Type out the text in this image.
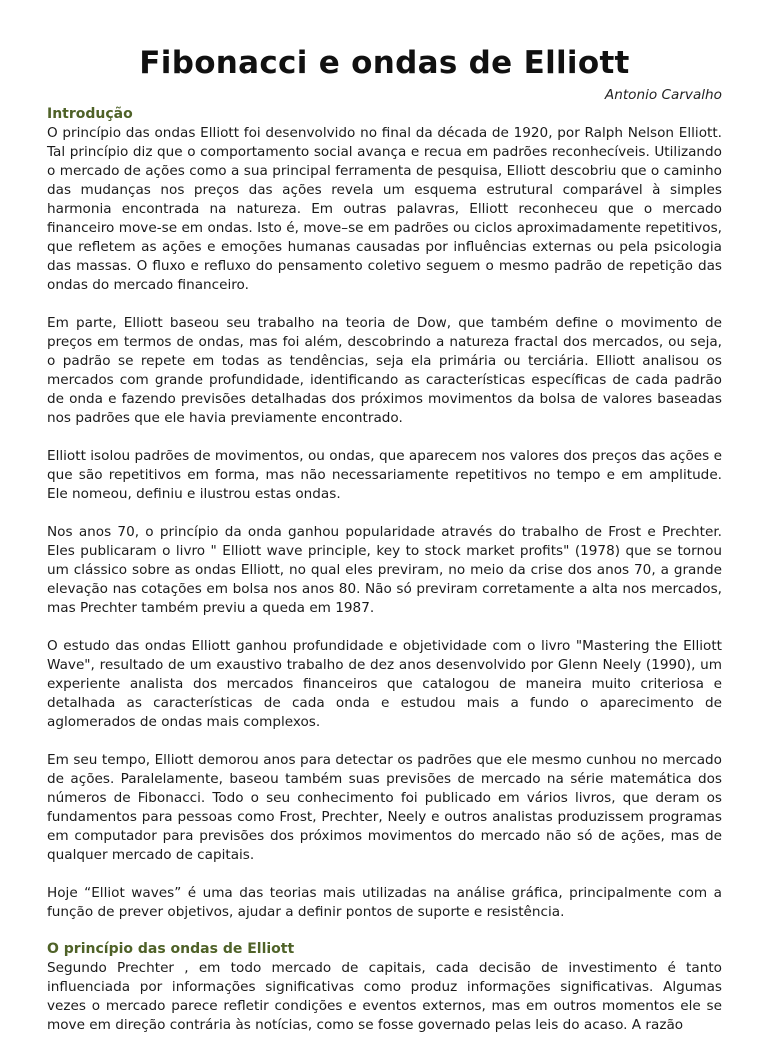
Fibonacci e ondas de Elliott
Antonio Carvalho
Introdução

O princípio das ondas Elliott foi desenvolvido no final da década de 1920, por Ralph Nelson Elliott. Tal princípio diz que o comportamento social avança e recua em padrões reconhecíveis. Utilizando o mercado de ações como a sua principal ferramenta de pesquisa, Elliott descobriu que o caminho das mudanças nos preços das ações revela um esquema estrutural comparável à simples harmonia encontrada na natureza. Em outras palavras, Elliott reconheceu que o mercado financeiro move-se em ondas. Isto é, move–se em padrões ou ciclos aproximadamente repetitivos, que refletem as ações e emoções humanas causadas por influências externas ou pela psicologia das massas. O fluxo e refluxo do pensamento coletivo seguem o mesmo padrão de repetição das ondas do mercado financeiro.

Em parte, Elliott baseou seu trabalho na teoria de Dow, que também define o movimento de preços em termos de ondas, mas foi além, descobrindo a natureza fractal dos mercados, ou seja, o padrão se repete em todas as tendências, seja ela primária ou terciária. Elliott analisou os mercados com grande profundidade, identificando as características específicas de cada padrão de onda e fazendo previsões detalhadas dos próximos movimentos da bolsa de valores baseadas nos padrões que ele havia previamente encontrado.

Elliott isolou padrões de movimentos, ou ondas, que aparecem nos valores dos preços das ações e que são repetitivos em forma, mas não necessariamente repetitivos no tempo e em amplitude. Ele nomeou, definiu e ilustrou estas ondas.

Nos anos 70, o princípio da onda ganhou popularidade através do trabalho de Frost e Prechter. Eles publicaram o livro " Elliott wave principle, key to stock market profits" (1978) que se tornou um clássico sobre as ondas Elliott, no qual eles previram, no meio da crise dos anos 70, a grande elevação nas cotações em bolsa nos anos 80. Não só previram corretamente a alta nos mercados, mas Prechter também previu a queda em 1987.

O estudo das ondas Elliott ganhou profundidade e objetividade com o livro "Mastering the Elliott Wave", resultado de um exaustivo trabalho de dez anos desenvolvido por Glenn Neely (1990), um experiente analista dos mercados financeiros que catalogou de maneira muito criteriosa e detalhada as características de cada onda e estudou mais a fundo o aparecimento de aglomerados de ondas mais complexos.

Em seu tempo, Elliott demorou anos para detectar os padrões que ele mesmo cunhou no mercado de ações. Paralelamente, baseou também suas previsões de mercado na série matemática dos números de Fibonacci. Todo o seu conhecimento foi publicado em vários livros, que deram os fundamentos para pessoas como Frost, Prechter, Neely e outros analistas produzissem programas em computador para previsões dos próximos movimentos do mercado não só de ações, mas de qualquer mercado de capitais.

Hoje “Elliot waves” é uma das teorias mais utilizadas na análise gráfica, principalmente com a função de prever objetivos, ajudar a definir pontos de suporte e resistência.

O princípio das ondas de Elliott

Segundo Prechter , em todo mercado de capitais, cada decisão de investimento é tanto influenciada por informações significativas como produz informações significativas. Algumas vezes o mercado parece refletir condições e eventos externos, mas em outros momentos ele se move em direção contrária às notícias, como se fosse governado pelas leis do acaso. A razão
